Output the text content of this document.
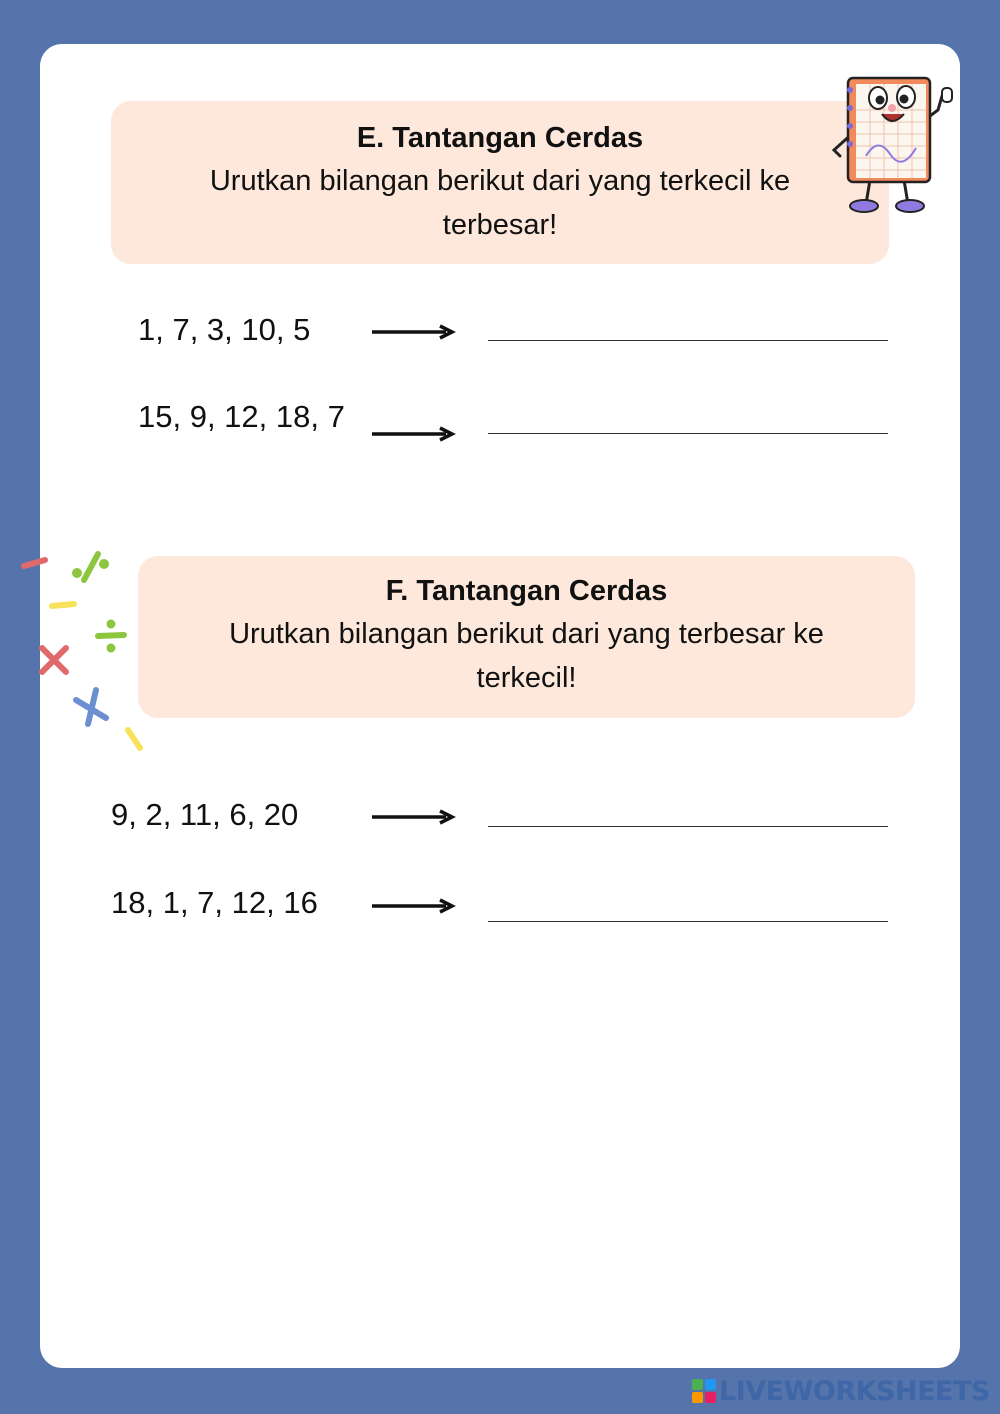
E. Tantangan Cerdas
Urutkan bilangan berikut dari yang terkecil ke terbesar!
1, 7, 3, 10, 5
15, 9, 12, 18, 7
F. Tantangan Cerdas
Urutkan bilangan berikut dari yang terbesar ke terkecil!
9, 2, 11, 6, 20
18, 1, 7, 12, 16
LIVEWORKSHEETS
